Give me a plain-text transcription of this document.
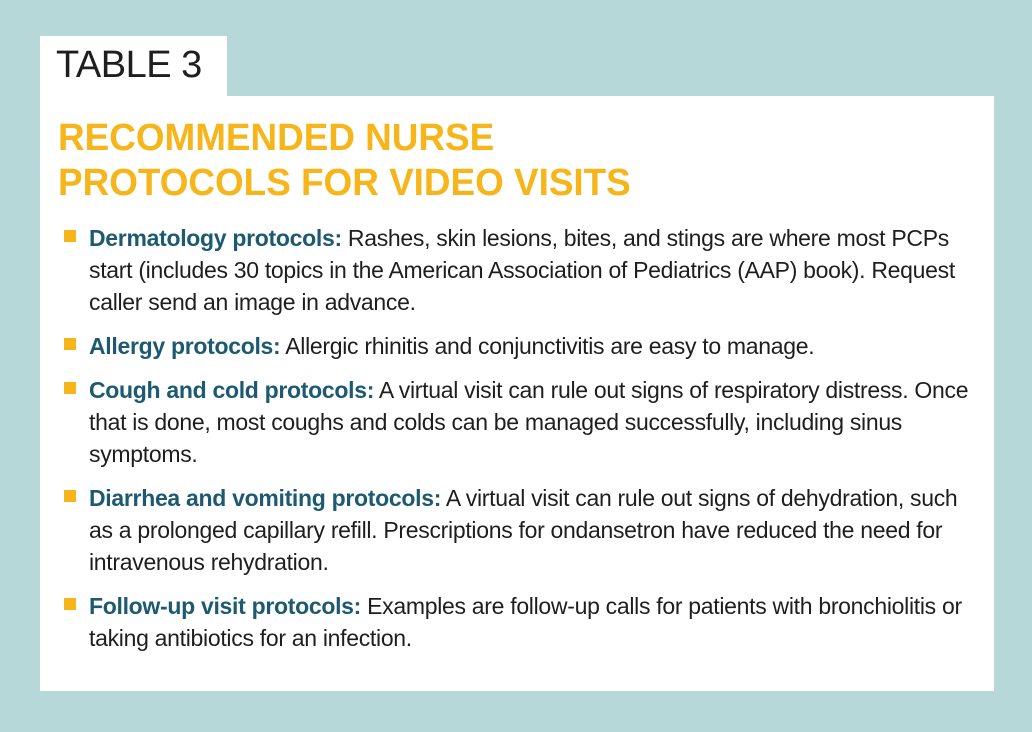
TABLE 3
RECOMMENDED NURSE
PROTOCOLS FOR VIDEO VISITS
Dermatology protocols: Rashes, skin lesions, bites, and stings are where most PCPs start (includes 30 topics in the American Association of Pediatrics (AAP) book). Request caller send an image in advance.
Allergy protocols: Allergic rhinitis and conjunctivitis are easy to manage.
Cough and cold protocols: A virtual visit can rule out signs of respiratory distress. Once that is done, most coughs and colds can be managed successfully, including sinus symptoms.
Diarrhea and vomiting protocols: A virtual visit can rule out signs of dehydration, such as a prolonged capillary refill. Prescriptions for ondansetron have reduced the need for intravenous rehydration.
Follow-up visit protocols: Examples are follow-up calls for patients with bronchiolitis or taking antibiotics for an infection.
